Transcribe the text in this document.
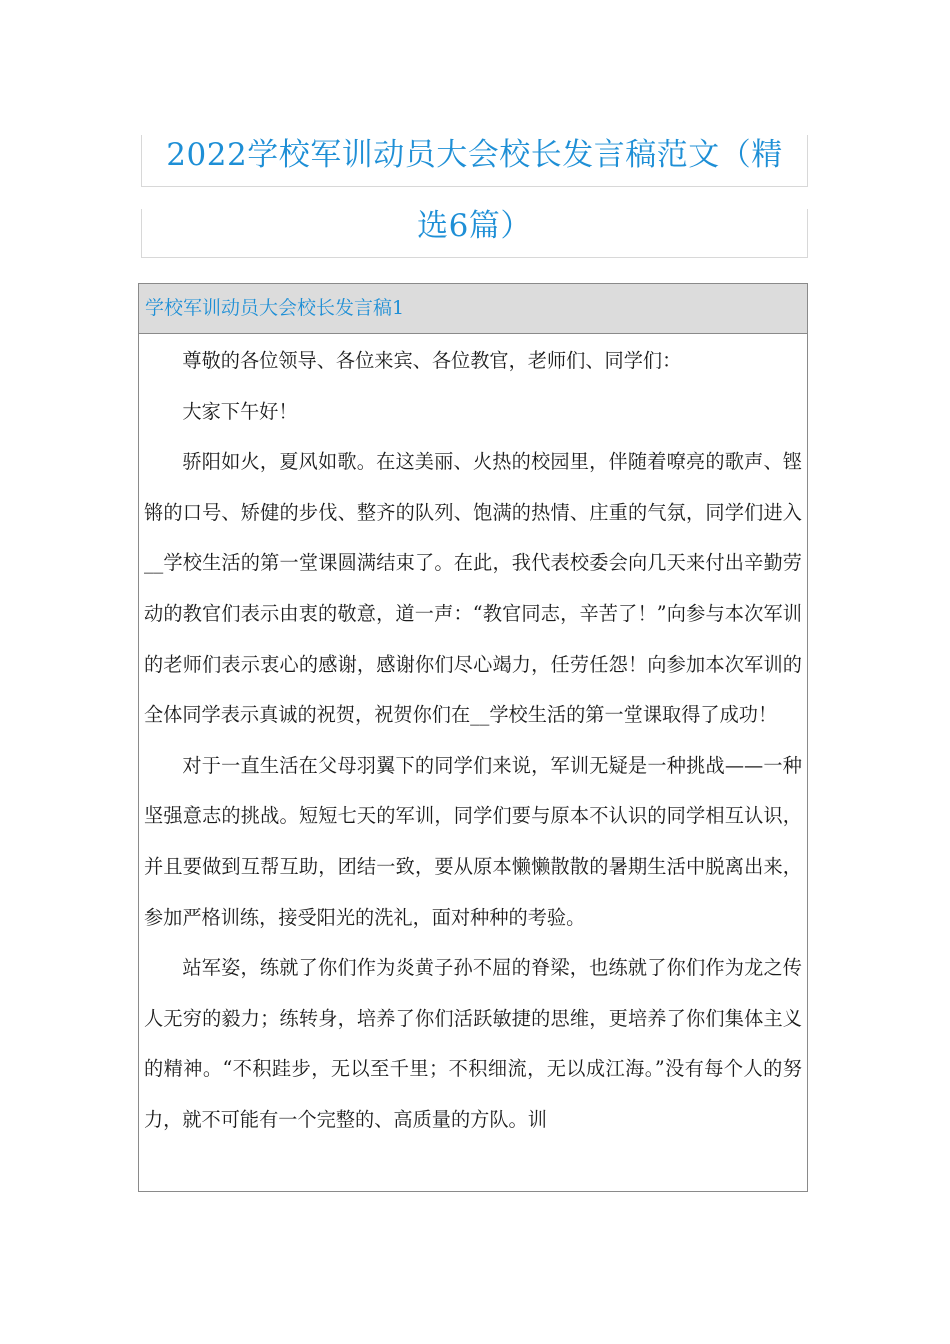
2022学校军训动员大会校长发言稿范文（精
选6篇）
学校军训动员大会校长发言稿1

尊敬的各位领导、各位来宾、各位教官，老师们、同学们：

大家下午好！

骄阳如火，夏风如歌。在这美丽、火热的校园里，伴随着嘹亮的歌声、铿锵的口号、矫健的步伐、整齐的队列、饱满的热情、庄重的气氛，同学们进入__学校生活的第一堂课圆满结束了。在此，我代表校委会向几天来付出辛勤劳动的教官们表示由衷的敬意，道一声：“教官同志，辛苦了！”向参与本次军训的老师们表示衷心的感谢，感谢你们尽心竭力，任劳任怨！向参加本次军训的全体同学表示真诚的祝贺，祝贺你们在__学校生活的第一堂课取得了成功！

对于一直生活在父母羽翼下的同学们来说，军训无疑是一种挑战——一种坚强意志的挑战。短短七天的军训，同学们要与原本不认识的同学相互认识，并且要做到互帮互助，团结一致，要从原本懒懒散散的暑期生活中脱离出来，参加严格训练，接受阳光的洗礼，面对种种的考验。

站军姿，练就了你们作为炎黄子孙不屈的脊梁，也练就了你们作为龙之传人无穷的毅力；练转身，培养了你们活跃敏捷的思维，更培养了你们集体主义的精神。“不积跬步，无以至千里；不积细流，无以成江海。”没有每个人的努力，就不可能有一个完整的、高质量的方队。训
